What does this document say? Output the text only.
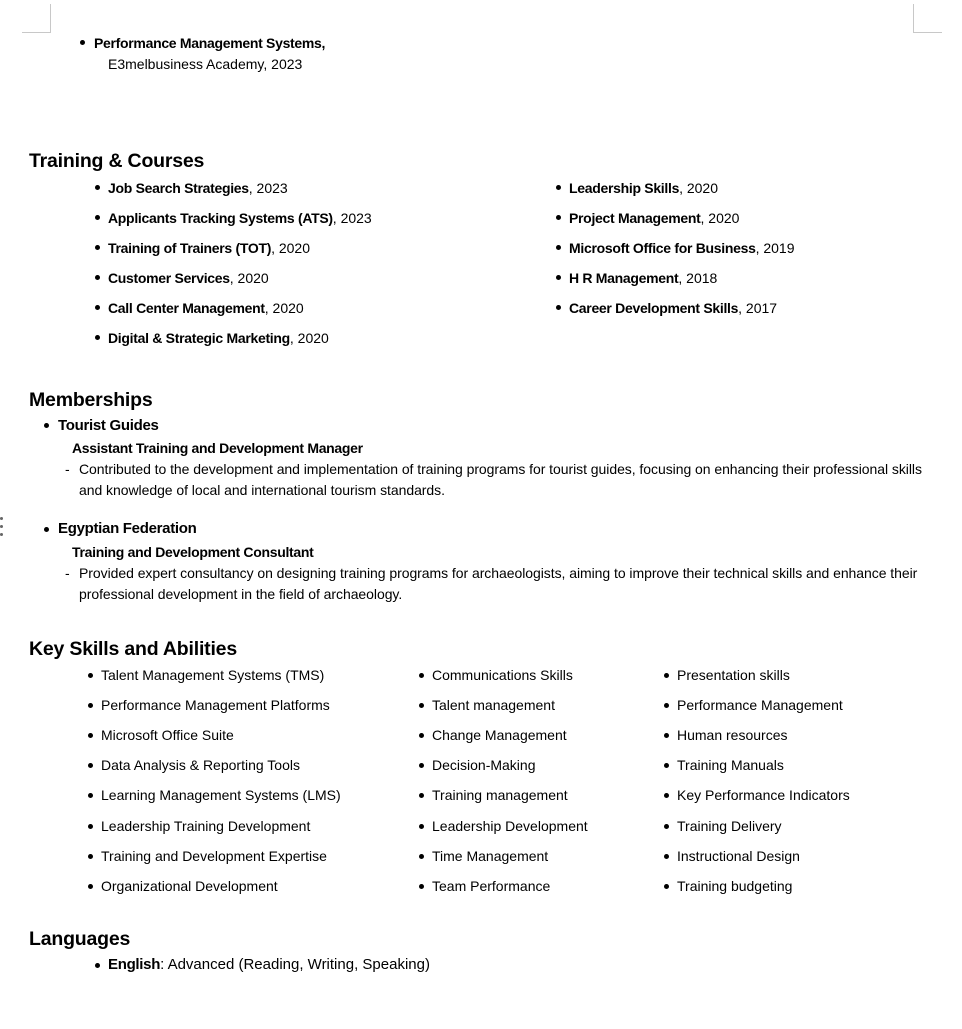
Performance Management Systems,
E3melbusiness Academy, 2023
Training & Courses
Job Search Strategies, 2023
Applicants Tracking Systems (ATS), 2023
Training of Trainers (TOT), 2020
Customer Services, 2020
Call Center Management, 2020
Digital & Strategic Marketing, 2020
Leadership Skills, 2020
Project Management, 2020
Microsoft Office for Business, 2019
H R Management, 2018
Career Development Skills, 2017
Memberships
Tourist Guides
Assistant Training and Development Manager
- Contributed to the development and implementation of training programs for tourist guides, focusing on enhancing their professional skills and knowledge of local and international tourism standards.
Egyptian Federation
Training and Development Consultant
- Provided expert consultancy on designing training programs for archaeologists, aiming to improve their technical skills and enhance their professional development in the field of archaeology.
Key Skills and Abilities
Talent Management Systems (TMS)
Performance Management Platforms
Microsoft Office Suite
Data Analysis & Reporting Tools
Learning Management Systems (LMS)
Leadership Training Development
Training and Development Expertise
Organizational Development
Communications Skills
Talent management
Change Management
Decision-Making
Training management
Leadership Development
Time Management
Team Performance
Presentation skills
Performance Management
Human resources
Training Manuals
Key Performance Indicators
Training Delivery
Instructional Design
Training budgeting
Languages
English: Advanced (Reading, Writing, Speaking)
